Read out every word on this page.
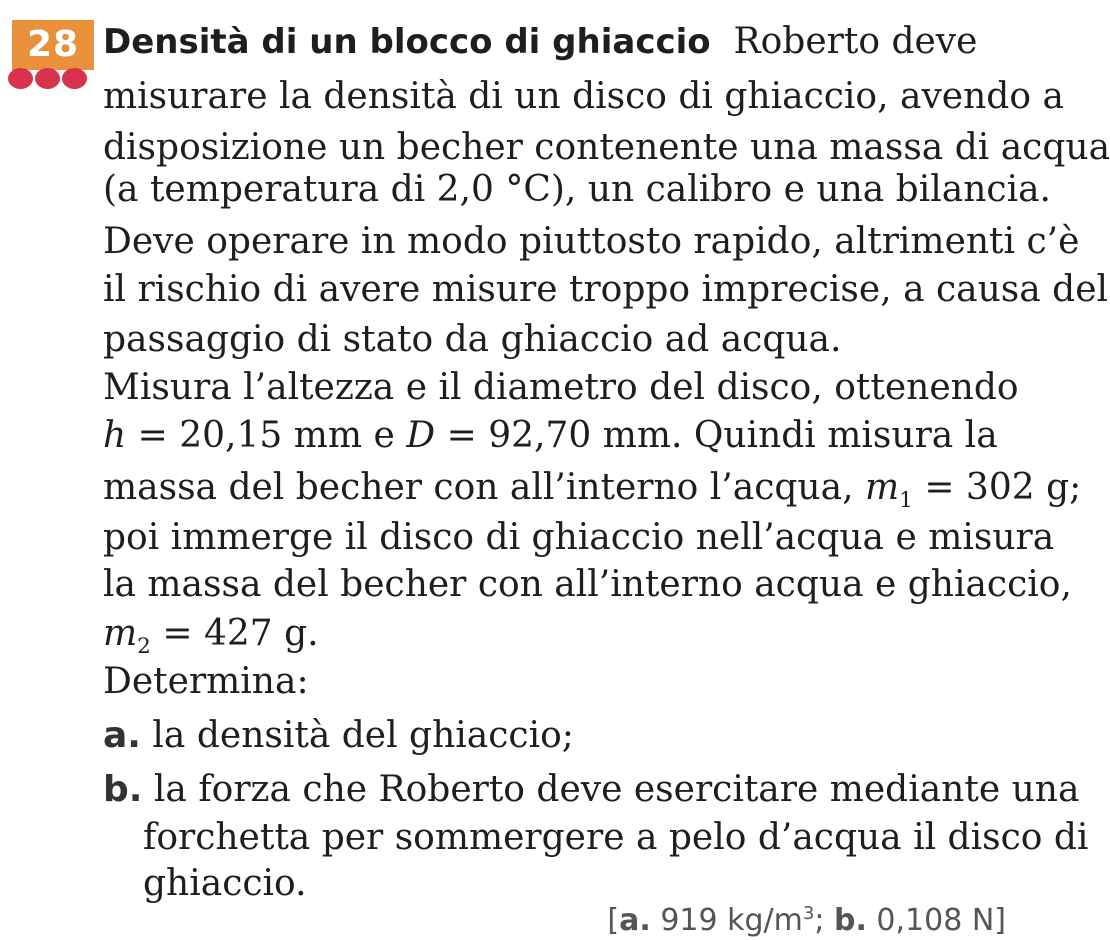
28 Densità di un blocco di ghiaccio Roberto deve
misurare la densità di un disco di ghiaccio, avendo a
disposizione un becher contenente una massa di acqua
(a temperatura di 2,0 °C), un calibro e una bilancia.
Deve operare in modo piuttosto rapido, altrimenti c’è
il rischio di avere misure troppo imprecise, a causa del
passaggio di stato da ghiaccio ad acqua.
Misura l’altezza e il diametro del disco, ottenendo
h = 20,15 mm e D = 92,70 mm. Quindi misura la
massa del becher con all’interno l’acqua, $m_1 = 302$ g;
poi immerge il disco di ghiaccio nell’acqua e misura
la massa del becher con all’interno acqua e ghiaccio,
$m_2 = 427$ g.
Determina:
a. la densità del ghiaccio;
b. la forza che Roberto deve esercitare mediante una
forchetta per sommergere a pelo d’acqua il disco di
ghiaccio.
[a. 919 $kg/m^3$; b. 0,108 N]
